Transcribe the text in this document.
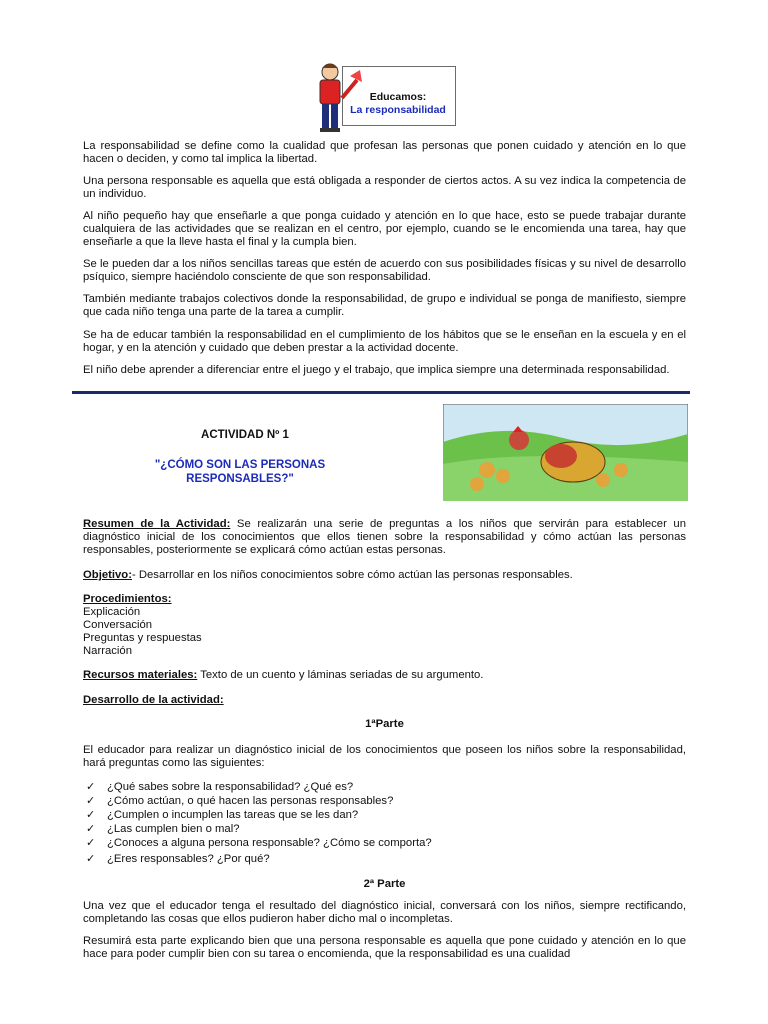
Educamos:
La responsabilidad
La responsabilidad se define como la cualidad que profesan las personas que ponen cuidado y atención en lo que hacen o deciden, y como tal implica la libertad.
Una persona responsable es aquella que está obligada a responder de ciertos actos. A su vez indica la competencia de un individuo.
Al niño pequeño hay que enseñarle a que ponga cuidado y atención en lo que hace, esto se puede trabajar durante cualquiera de las actividades que se realizan en el centro, por ejemplo, cuando se le encomienda una tarea, hay que enseñarle a que la lleve hasta el final y la cumpla bien.
Se le pueden dar a los niños sencillas tareas que estén de acuerdo con sus posibilidades físicas y su nivel de desarrollo psíquico, siempre haciéndolo consciente de que son responsabilidad.
También mediante trabajos colectivos donde la responsabilidad, de grupo e individual se ponga de manifiesto, siempre que cada niño tenga una parte de la tarea a cumplir.
Se ha de educar también la responsabilidad en el cumplimiento de los hábitos que se le enseñan en la escuela y en el hogar, y en la atención y cuidado que deben prestar a la actividad docente.
El niño debe aprender a diferenciar entre el juego y el trabajo, que implica siempre una determinada responsabilidad.
ACTIVIDAD Nº 1
"¿CÓMO SON LAS PERSONAS RESPONSABLES?"
Resumen de la Actividad: Se realizarán una serie de preguntas a los niños que servirán para establecer un diagnóstico inicial de los conocimientos que ellos tienen sobre la responsabilidad y cómo actúan las personas responsables, posteriormente se explicará cómo actúan estas personas.
Objetivo:- Desarrollar en los niños conocimientos sobre cómo actúan las personas responsables.
Procedimientos:
Explicación
Conversación
Preguntas y respuestas
Narración
Recursos materiales: Texto de un cuento y láminas seriadas de su argumento.
Desarrollo de la actividad:
1ªParte
El educador para realizar un diagnóstico inicial de los conocimientos que poseen los niños sobre la responsabilidad, hará preguntas como las siguientes:
✓ ¿Qué sabes sobre la responsabilidad? ¿Qué es?
✓ ¿Cómo actúan, o qué hacen las personas responsables?
✓ ¿Cumplen o incumplen las tareas que se les dan?
✓ ¿Las cumplen bien o mal?
✓ ¿Conoces a alguna persona responsable? ¿Cómo se comporta?
✓ ¿Eres responsables? ¿Por qué?
2ª Parte
Una vez que el educador tenga el resultado del diagnóstico inicial, conversará con los niños, siempre rectificando, completando las cosas que ellos pudieron haber dicho mal o incompletas.
Resumirá esta parte explicando bien que una persona responsable es aquella que pone cuidado y atención en lo que hace para poder cumplir bien con su tarea o encomienda, que la responsabilidad es una cualidad
